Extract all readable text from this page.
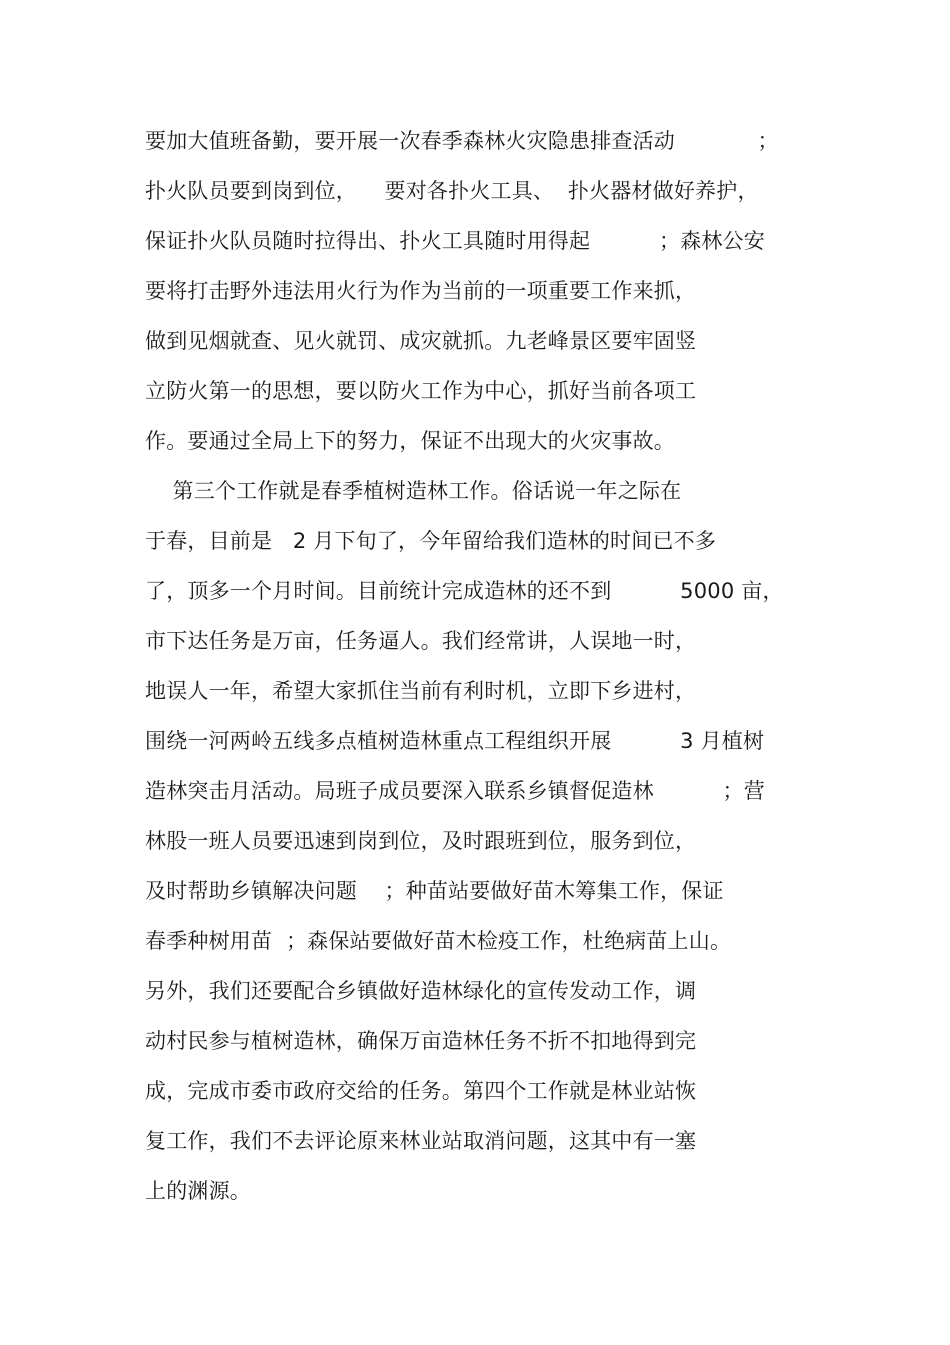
要加大值班备勤，要开展一次春季森林火灾隐患排查活动            ；
扑火队员要到岗到位，    要对各扑火工具、  扑火器材做好养护，
保证扑火队员随时拉得出、扑火工具随时用得起          ；森林公安
要将打击野外违法用火行为作为当前的一项重要工作来抓，
做到见烟就查、见火就罚、成灾就抓。九老峰景区要牢固竖
立防火第一的思想，要以防火工作为中心，抓好当前各项工
作。要通过全局上下的努力，保证不出现大的火灾事故。
第三个工作就是春季植树造林工作。俗话说一年之际在
于春，目前是   2 月下旬了，今年留给我们造林的时间已不多
了，顶多一个月时间。目前统计完成造林的还不到          5000 亩，
市下达任务是万亩，任务逼人。我们经常讲，人误地一时，
地误人一年，希望大家抓住当前有利时机，立即下乡进村，
围绕一河两岭五线多点植树造林重点工程组织开展          3 月植树
造林突击月活动。局班子成员要深入联系乡镇督促造林          ；营
林股一班人员要迅速到岗到位，及时跟班到位，服务到位，
及时帮助乡镇解决问题    ；种苗站要做好苗木筹集工作，保证
春季种树用苗  ；森保站要做好苗木检疫工作，杜绝病苗上山。
另外，我们还要配合乡镇做好造林绿化的宣传发动工作，调
动村民参与植树造林，确保万亩造林任务不折不扣地得到完
成，完成市委市政府交给的任务。第四个工作就是林业站恢
复工作，我们不去评论原来林业站取消问题，这其中有一塞
上的渊源。
